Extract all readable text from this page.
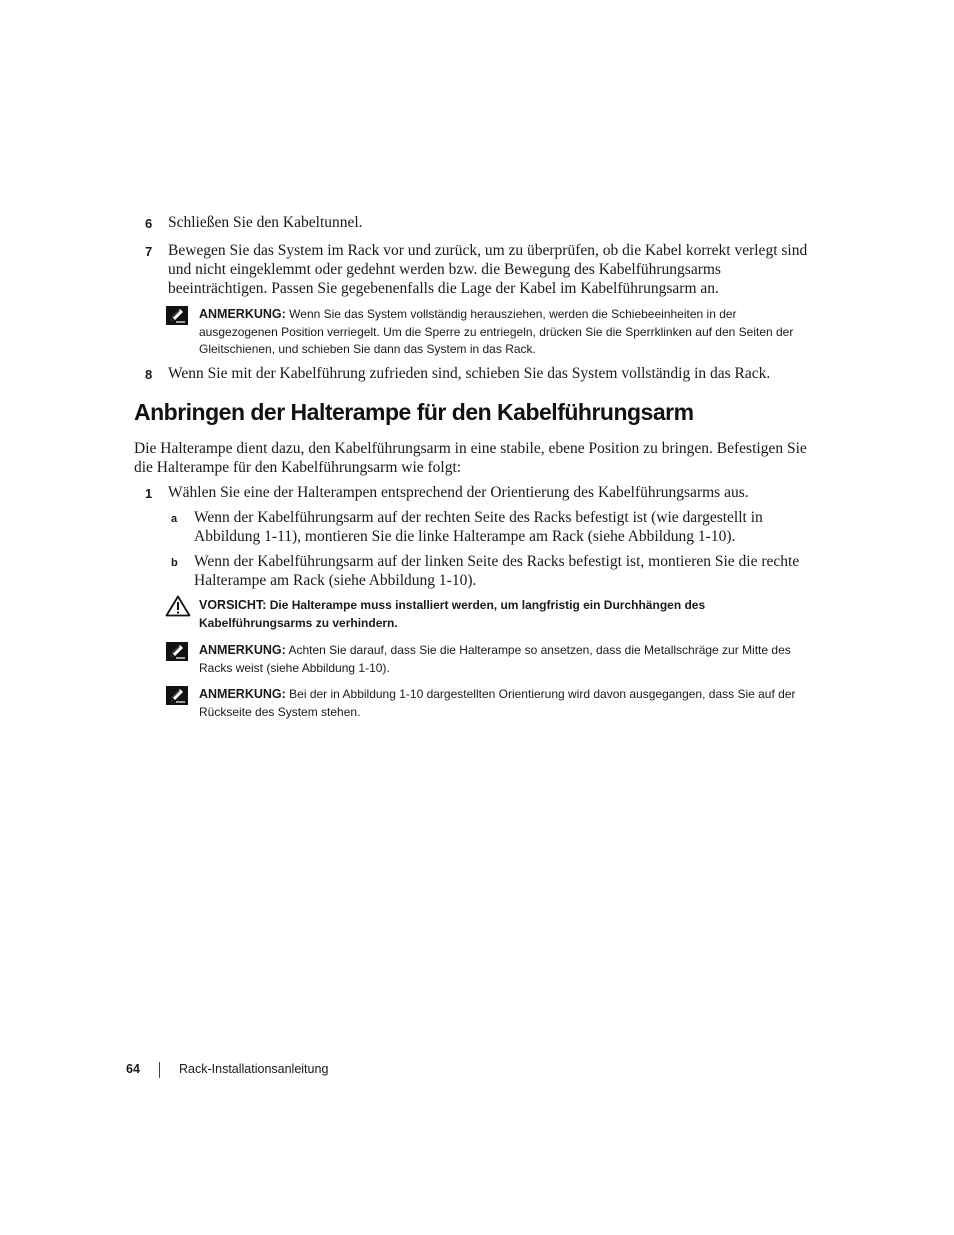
6 Schließen Sie den Kabeltunnel.
7 Bewegen Sie das System im Rack vor und zurück, um zu überprüfen, ob die Kabel korrekt verlegt sind und nicht eingeklemmt oder gedehnt werden bzw. die Bewegung des Kabelführungsarms beeinträchtigen. Passen Sie gegebenenfalls die Lage der Kabel im Kabelführungsarm an.
ANMERKUNG: Wenn Sie das System vollständig herausziehen, werden die Schiebeeinheiten in der ausgezogenen Position verriegelt. Um die Sperre zu entriegeln, drücken Sie die Sperrklinken auf den Seiten der Gleitschienen, und schieben Sie dann das System in das Rack.
8 Wenn Sie mit der Kabelführung zufrieden sind, schieben Sie das System vollständig in das Rack.
Anbringen der Halterampe für den Kabelführungsarm
Die Halterampe dient dazu, den Kabelführungsarm in eine stabile, ebene Position zu bringen. Befestigen Sie die Halterampe für den Kabelführungsarm wie folgt:
1 Wählen Sie eine der Halterampen entsprechend der Orientierung des Kabelführungsarms aus.
a Wenn der Kabelführungsarm auf der rechten Seite des Racks befestigt ist (wie dargestellt in Abbildung 1-11), montieren Sie die linke Halterampe am Rack (siehe Abbildung 1-10).
b Wenn der Kabelführungsarm auf der linken Seite des Racks befestigt ist, montieren Sie die rechte Halterampe am Rack (siehe Abbildung 1-10).
VORSICHT: Die Halterampe muss installiert werden, um langfristig ein Durchhängen des Kabelführungsarms zu verhindern.
ANMERKUNG: Achten Sie darauf, dass Sie die Halterampe so ansetzen, dass die Metallschräge zur Mitte des Racks weist (siehe Abbildung 1-10).
ANMERKUNG: Bei der in Abbildung 1-10 dargestellten Orientierung wird davon ausgegangen, dass Sie auf der Rückseite des System stehen.
64	Rack-Installationsanleitung
